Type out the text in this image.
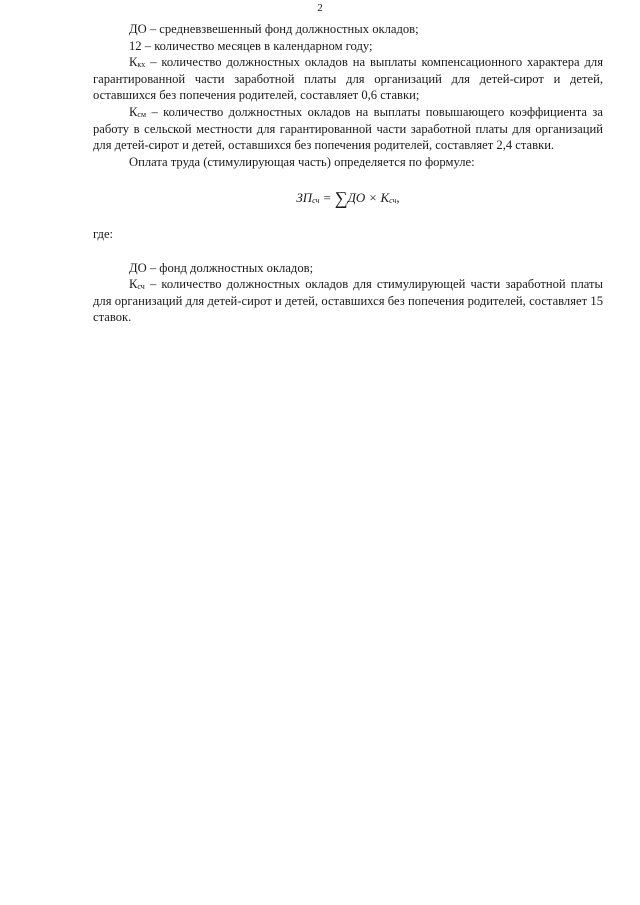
2

ДО – средневзвешенный фонд должностных окладов;

12 – количество месяцев в календарном году;

$К_{кх}$ – количество должностных окладов на выплаты компенсационного характера для гарантированной части заработной платы для организаций для детей-сирот и детей, оставшихся без попечения родителей, составляет 0,6 ставки;

$К_{см}$ – количество должностных окладов на выплаты повышающего коэффициента за работу в сельской местности для гарантированной части заработной платы для организаций для детей-сирот и детей, оставшихся без попечения родителей, составляет 2,4 ставки.

Оплата труда (стимулирующая часть) определяется по формуле:

$ЗП_{сч} = \sum ДО \times К_{сч}$,

где:

ДО – фонд должностных окладов;

$К_{сч}$ – количество должностных окладов для стимулирующей части заработной платы для организаций для детей-сирот и детей, оставшихся без попечения родителей, составляет 15 ставок.
